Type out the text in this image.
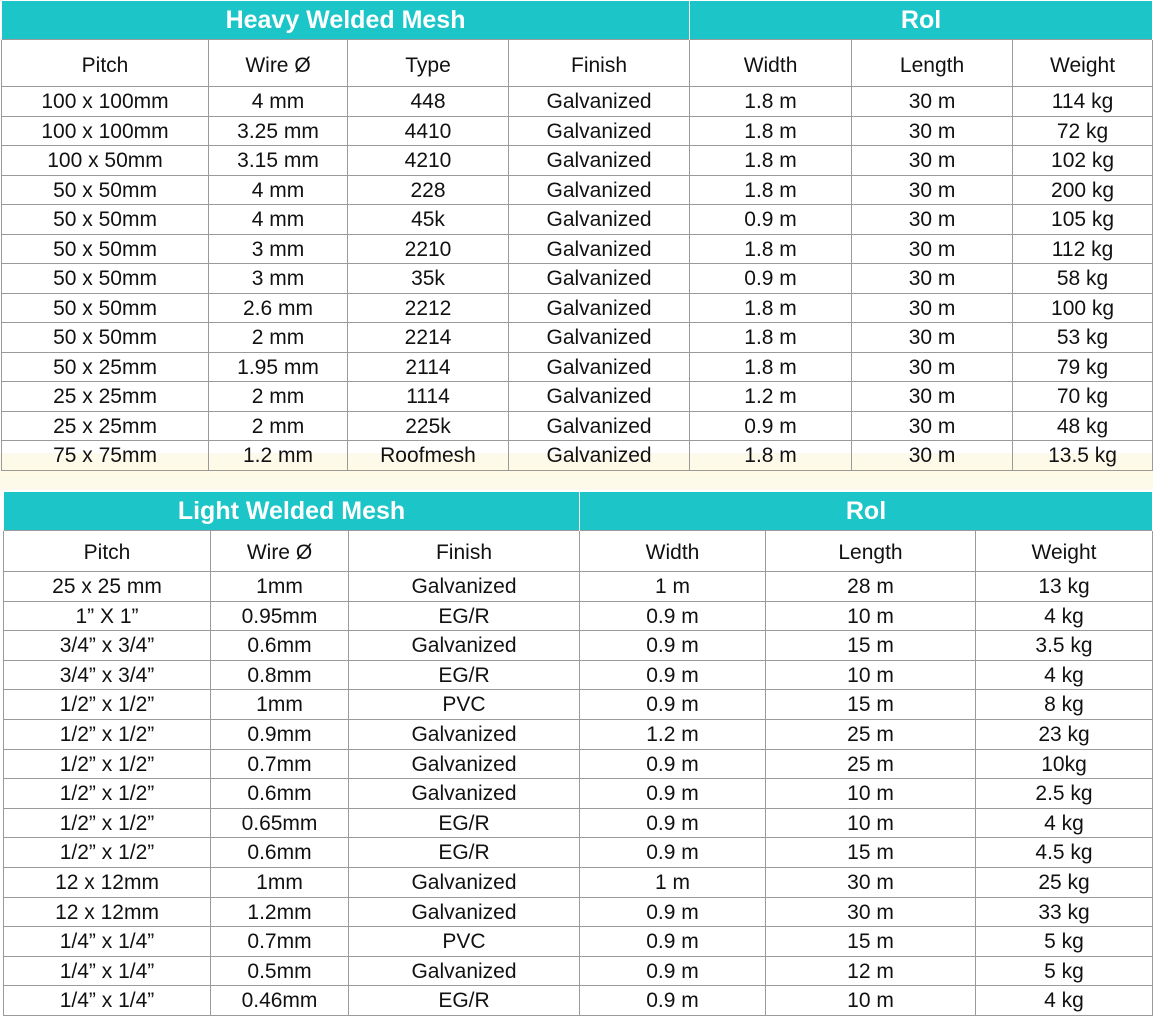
Heavy Welded Mesh				Rol		
Pitch	Wire Ø	Type	Finish	Width	Length	Weight
100 x 100mm	4 mm	448	Galvanized	1.8 m	30 m	114 kg
100 x 100mm	3.25 mm	4410	Galvanized	1.8 m	30 m	72 kg
100 x 50mm	3.15 mm	4210	Galvanized	1.8 m	30 m	102 kg
50 x 50mm	4 mm	228	Galvanized	1.8 m	30 m	200 kg
50 x 50mm	4 mm	45k	Galvanized	0.9 m	30 m	105 kg
50 x 50mm	3 mm	2210	Galvanized	1.8 m	30 m	112 kg
50 x 50mm	3 mm	35k	Galvanized	0.9 m	30 m	58 kg
50 x 50mm	2.6 mm	2212	Galvanized	1.8 m	30 m	100 kg
50 x 50mm	2 mm	2214	Galvanized	1.8 m	30 m	53 kg
50 x 25mm	1.95 mm	2114	Galvanized	1.8 m	30 m	79 kg
25 x 25mm	2 mm	1114	Galvanized	1.2 m	30 m	70 kg
25 x 25mm	2 mm	225k	Galvanized	0.9 m	30 m	48 kg
75 x 75mm	1.2 mm	Roofmesh	Galvanized	1.8 m	30 m	13.5 kg
Light Welded Mesh			Rol		
Pitch	Wire Ø	Finish	Width	Length	Weight
25 x 25 mm	1mm	Galvanized	1 m	28 m	13 kg
1” X 1”	0.95mm	EG/R	0.9 m	10 m	4 kg
3/4” x 3/4”	0.6mm	Galvanized	0.9 m	15 m	3.5 kg
3/4” x 3/4”	0.8mm	EG/R	0.9 m	10 m	4 kg
1/2” x 1/2”	1mm	PVC	0.9 m	15 m	8 kg
1/2” x 1/2”	0.9mm	Galvanized	1.2 m	25 m	23 kg
1/2” x 1/2”	0.7mm	Galvanized	0.9 m	25 m	10kg
1/2” x 1/2”	0.6mm	Galvanized	0.9 m	10 m	2.5 kg
1/2” x 1/2”	0.65mm	EG/R	0.9 m	10 m	4 kg
1/2” x 1/2”	0.6mm	EG/R	0.9 m	15 m	4.5 kg
12 x 12mm	1mm	Galvanized	1 m	30 m	25 kg
12 x 12mm	1.2mm	Galvanized	0.9 m	30 m	33 kg
1/4” x 1/4”	0.7mm	PVC	0.9 m	15 m	5 kg
1/4” x 1/4”	0.5mm	Galvanized	0.9 m	12 m	5 kg
1/4” x 1/4”	0.46mm	EG/R	0.9 m	10 m	4 kg
